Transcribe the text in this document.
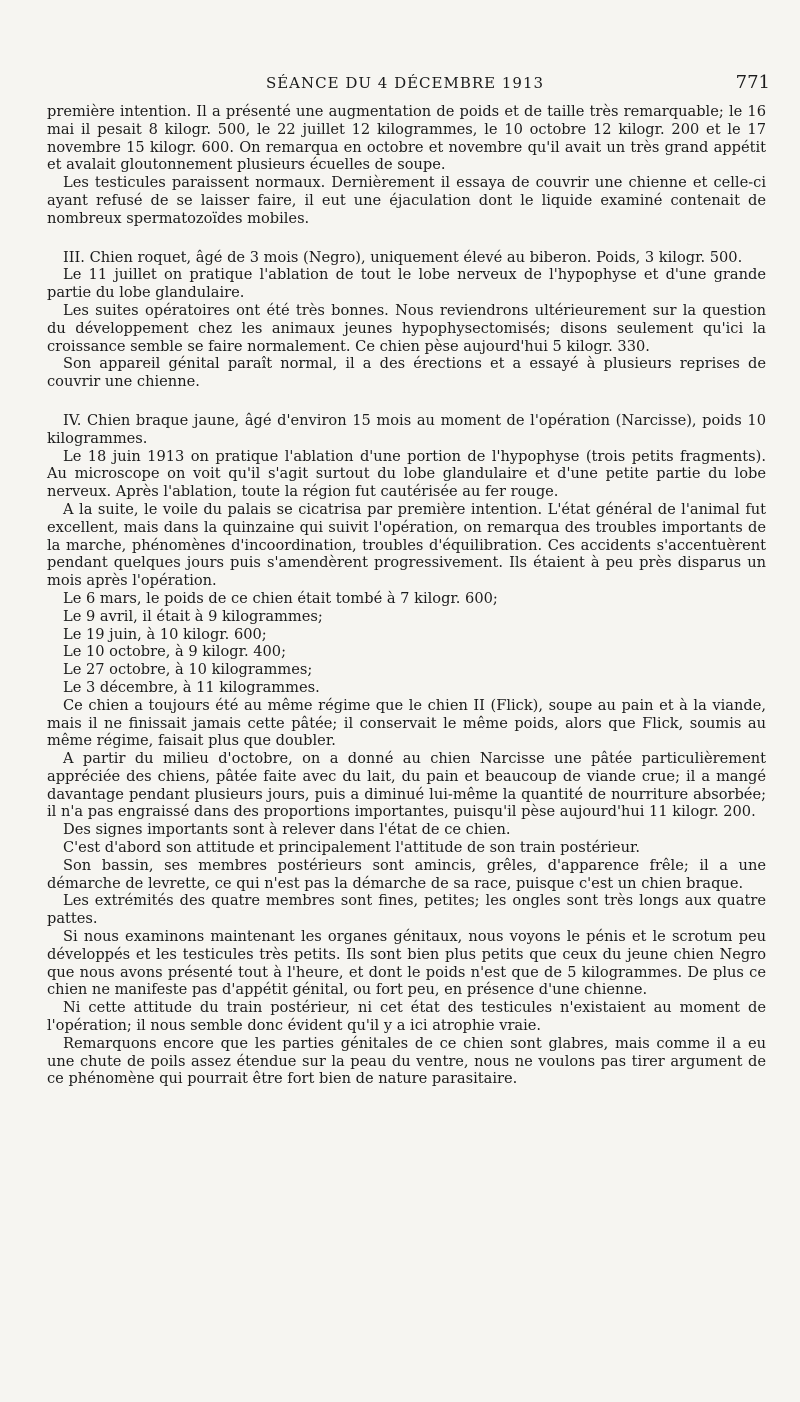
SÉANCE DU 4 DÉCEMBRE 1913	771

première intention. Il a présenté une augmentation de poids et de taille très remarquable; le 16 mai il pesait 8 kilogr. 500, le 22 juillet 12 kilogrammes, le 10 octobre 12 kilogr. 200 et le 17 novembre 15 kilogr. 600. On remarqua en octobre et novembre qu'il avait un très grand appétit et avalait gloutonnement plusieurs écuelles de soupe.

Les testicules paraissent normaux. Dernièrement il essaya de couvrir une chienne et celle-ci ayant refusé de se laisser faire, il eut une éjaculation dont le liquide examiné contenait de nombreux spermatozoïdes mobiles.

III. Chien roquet, âgé de 3 mois (Negro), uniquement élevé au biberon. Poids, 3 kilogr. 500.

Le 11 juillet on pratique l'ablation de tout le lobe nerveux de l'hypophyse et d'une grande partie du lobe glandulaire.

Les suites opératoires ont été très bonnes. Nous reviendrons ultérieurement sur la question du développement chez les animaux jeunes hypophysectomisés; disons seulement qu'ici la croissance semble se faire normalement. Ce chien pèse aujourd'hui 5 kilogr. 330.

Son appareil génital paraît normal, il a des érections et a essayé à plusieurs reprises de couvrir une chienne.

IV. Chien braque jaune, âgé d'environ 15 mois au moment de l'opération (Narcisse), poids 10 kilogrammes.

Le 18 juin 1913 on pratique l'ablation d'une portion de l'hypophyse (trois petits fragments). Au microscope on voit qu'il s'agit surtout du lobe glandulaire et d'une petite partie du lobe nerveux. Après l'ablation, toute la région fut cautérisée au fer rouge.

A la suite, le voile du palais se cicatrisa par première intention. L'état général de l'animal fut excellent, mais dans la quinzaine qui suivit l'opération, on remarqua des troubles importants de la marche, phénomènes d'incoordination, troubles d'équilibration. Ces accidents s'accentuèrent pendant quelques jours puis s'amendèrent progressivement. Ils étaient à peu près disparus un mois après l'opération.

Le 6 mars, le poids de ce chien était tombé à 7 kilogr. 600;

Le 9 avril, il était à 9 kilogrammes;

Le 19 juin, à 10 kilogr. 600;

Le 10 octobre, à 9 kilogr. 400;

Le 27 octobre, à 10 kilogrammes;

Le 3 décembre, à 11 kilogrammes.

Ce chien a toujours été au même régime que le chien II (Flick), soupe au pain et à la viande, mais il ne finissait jamais cette pâtée; il conservait le même poids, alors que Flick, soumis au même régime, faisait plus que doubler.

A partir du milieu d'octobre, on a donné au chien Narcisse une pâtée particulièrement appréciée des chiens, pâtée faite avec du lait, du pain et beaucoup de viande crue; il a mangé davantage pendant plusieurs jours, puis a diminué lui-même la quantité de nourriture absorbée; il n'a pas engraissé dans des proportions importantes, puisqu'il pèse aujourd'hui 11 kilogr. 200.

Des signes importants sont à relever dans l'état de ce chien.

C'est d'abord son attitude et principalement l'attitude de son train postérieur.

Son bassin, ses membres postérieurs sont amincis, grêles, d'apparence frêle; il a une démarche de levrette, ce qui n'est pas la démarche de sa race, puisque c'est un chien braque.

Les extrémités des quatre membres sont fines, petites; les ongles sont très longs aux quatre pattes.

Si nous examinons maintenant les organes génitaux, nous voyons le pénis et le scrotum peu développés et les testicules très petits. Ils sont bien plus petits que ceux du jeune chien Negro que nous avons présenté tout à l'heure, et dont le poids n'est que de 5 kilogrammes. De plus ce chien ne manifeste pas d'appétit génital, ou fort peu, en présence d'une chienne.

Ni cette attitude du train postérieur, ni cet état des testicules n'existaient au moment de l'opération; il nous semble donc évident qu'il y a ici atrophie vraie.

Remarquons encore que les parties génitales de ce chien sont glabres, mais comme il a eu une chute de poils assez étendue sur la peau du ventre, nous ne voulons pas tirer argument de ce phénomène qui pourrait être fort bien de nature parasitaire.
